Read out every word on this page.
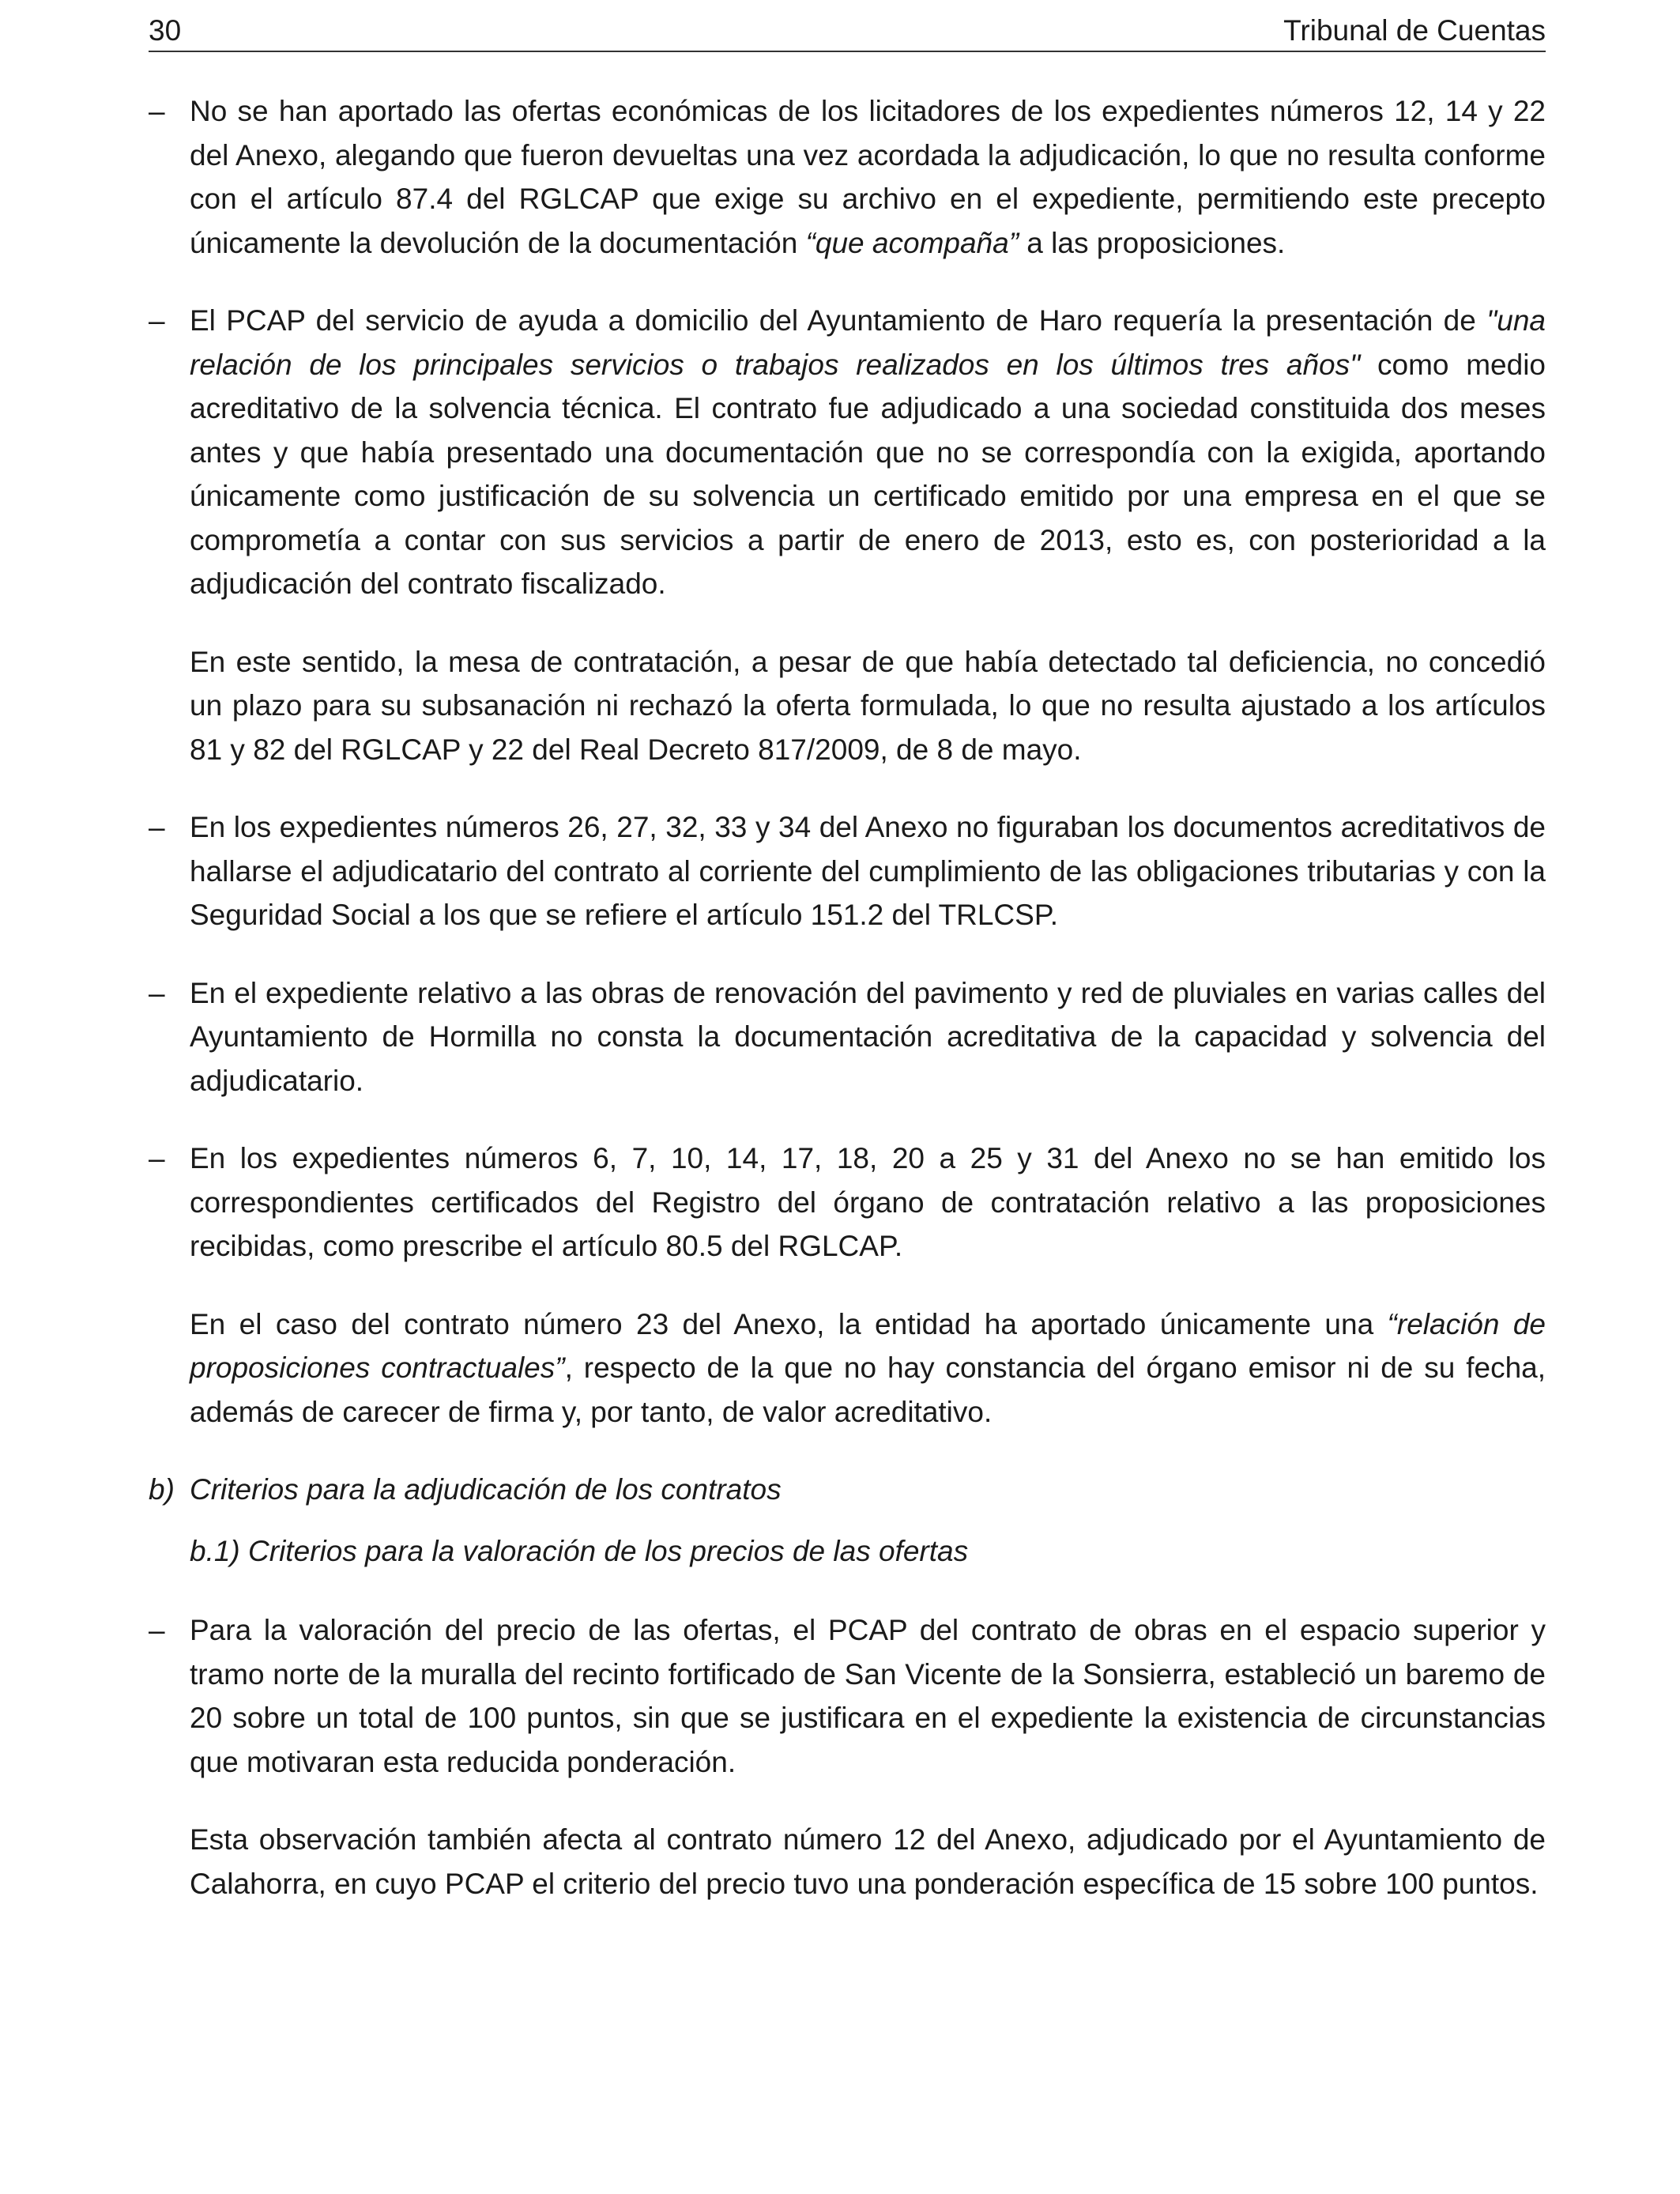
30	Tribunal de Cuentas
– No se han aportado las ofertas económicas de los licitadores de los expedientes números 12, 14 y 22 del Anexo, alegando que fueron devueltas una vez acordada la adjudicación, lo que no resulta conforme con el artículo 87.4 del RGLCAP que exige su archivo en el expediente, permitiendo este precepto únicamente la devolución de la documentación “que acompaña” a las proposiciones.

– El PCAP del servicio de ayuda a domicilio del Ayuntamiento de Haro requería la presentación de "una relación de los principales servicios o trabajos realizados en los últimos tres años" como medio acreditativo de la solvencia técnica. El contrato fue adjudicado a una sociedad constituida dos meses antes y que había presentado una documentación que no se correspondía con la exigida, aportando únicamente como justificación de su solvencia un certificado emitido por una empresa en el que se comprometía a contar con sus servicios a partir de enero de 2013, esto es, con posterioridad a la adjudicación del contrato fiscalizado.

En este sentido, la mesa de contratación, a pesar de que había detectado tal deficiencia, no concedió un plazo para su subsanación ni rechazó la oferta formulada, lo que no resulta ajustado a los artículos 81 y 82 del RGLCAP y 22 del Real Decreto 817/2009, de 8 de mayo.

– En los expedientes números 26, 27, 32, 33 y 34 del Anexo no figuraban los documentos acreditativos de hallarse el adjudicatario del contrato al corriente del cumplimiento de las obligaciones tributarias y con la Seguridad Social a los que se refiere el artículo 151.2 del TRLCSP.

– En el expediente relativo a las obras de renovación del pavimento y red de pluviales en varias calles del Ayuntamiento de Hormilla no consta la documentación acreditativa de la capacidad y solvencia del adjudicatario.

– En los expedientes números 6, 7, 10, 14, 17, 18, 20 a 25 y 31 del Anexo no se han emitido los correspondientes certificados del Registro del órgano de contratación relativo a las proposiciones recibidas, como prescribe el artículo 80.5 del RGLCAP.

En el caso del contrato número 23 del Anexo, la entidad ha aportado únicamente una “relación de proposiciones contractuales”, respecto de la que no hay constancia del órgano emisor ni de su fecha, además de carecer de firma y, por tanto, de valor acreditativo.

b) Criterios para la adjudicación de los contratos
b.1) Criterios para la valoración de los precios de las ofertas
– Para la valoración del precio de las ofertas, el PCAP del contrato de obras en el espacio superior y tramo norte de la muralla del recinto fortificado de San Vicente de la Sonsierra, estableció un baremo de 20 sobre un total de 100 puntos, sin que se justificara en el expediente la existencia de circunstancias que motivaran esta reducida ponderación.

Esta observación también afecta al contrato número 12 del Anexo, adjudicado por el Ayuntamiento de Calahorra, en cuyo PCAP el criterio del precio tuvo una ponderación específica de 15 sobre 100 puntos.
